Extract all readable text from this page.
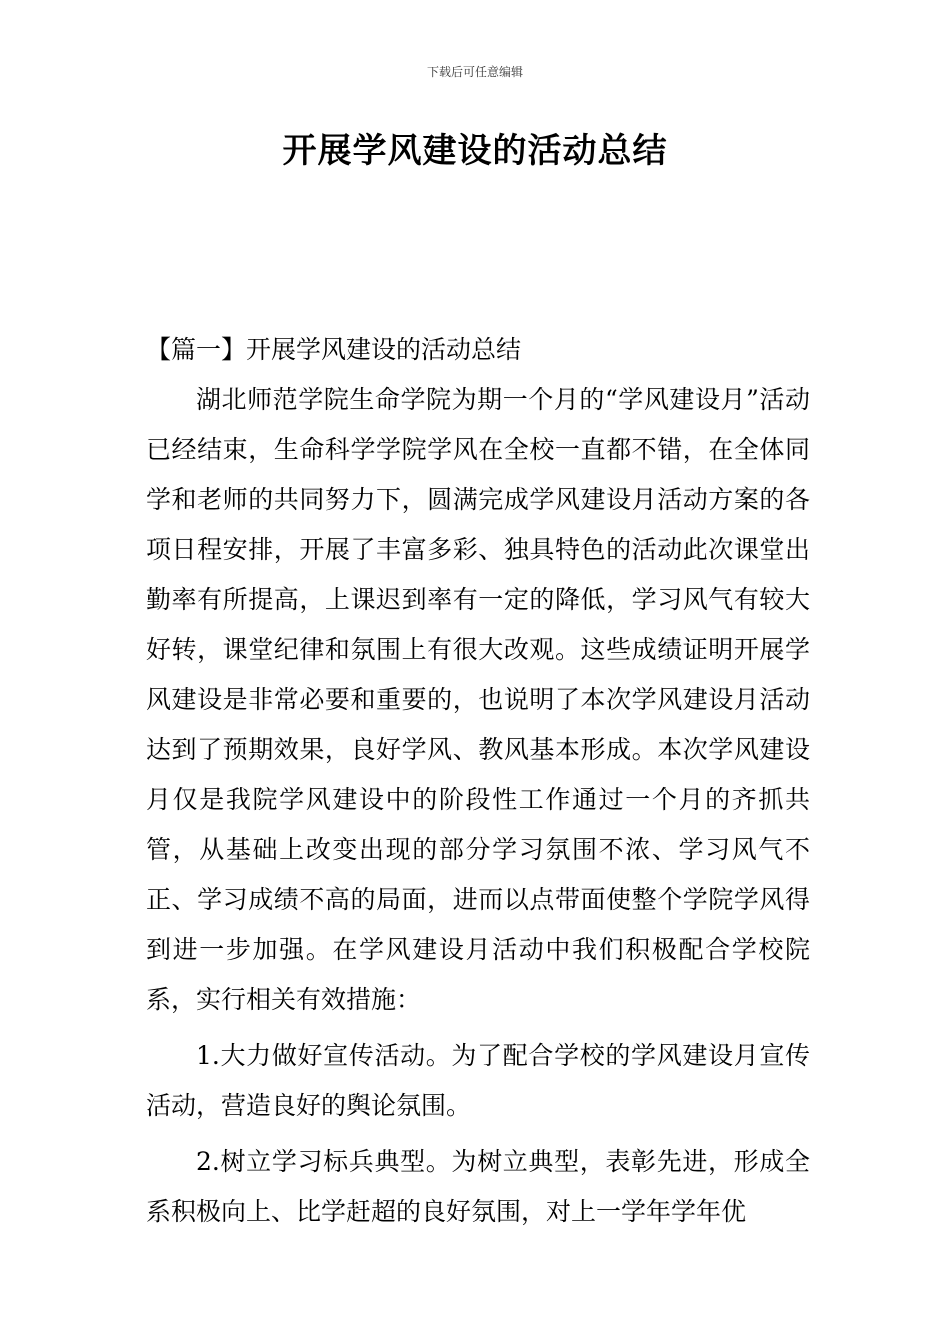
下载后可任意编辑
开展学风建设的活动总结

【篇一】开展学风建设的活动总结

湖北师范学院生命学院为期一个月的“学风建设月”活动已经结束，生命科学学院学风在全校一直都不错，在全体同学和老师的共同努力下，圆满完成学风建设月活动方案的各项日程安排，开展了丰富多彩、独具特色的活动此次课堂出勤率有所提高，上课迟到率有一定的降低，学习风气有较大好转，课堂纪律和氛围上有很大改观。这些成绩证明开展学风建设是非常必要和重要的，也说明了本次学风建设月活动达到了预期效果，良好学风、教风基本形成。本次学风建设月仅是我院学风建设中的阶段性工作通过一个月的齐抓共管，从基础上改变出现的部分学习氛围不浓、学习风气不正、学习成绩不高的局面，进而以点带面使整个学院学风得到进一步加强。在学风建设月活动中我们积极配合学校院系，实行相关有效措施：

1.大力做好宣传活动。为了配合学校的学风建设月宣传活动，营造良好的舆论氛围。

2.树立学习标兵典型。为树立典型，表彰先进，形成全系积极向上、比学赶超的良好氛围，对上一学年学年优
